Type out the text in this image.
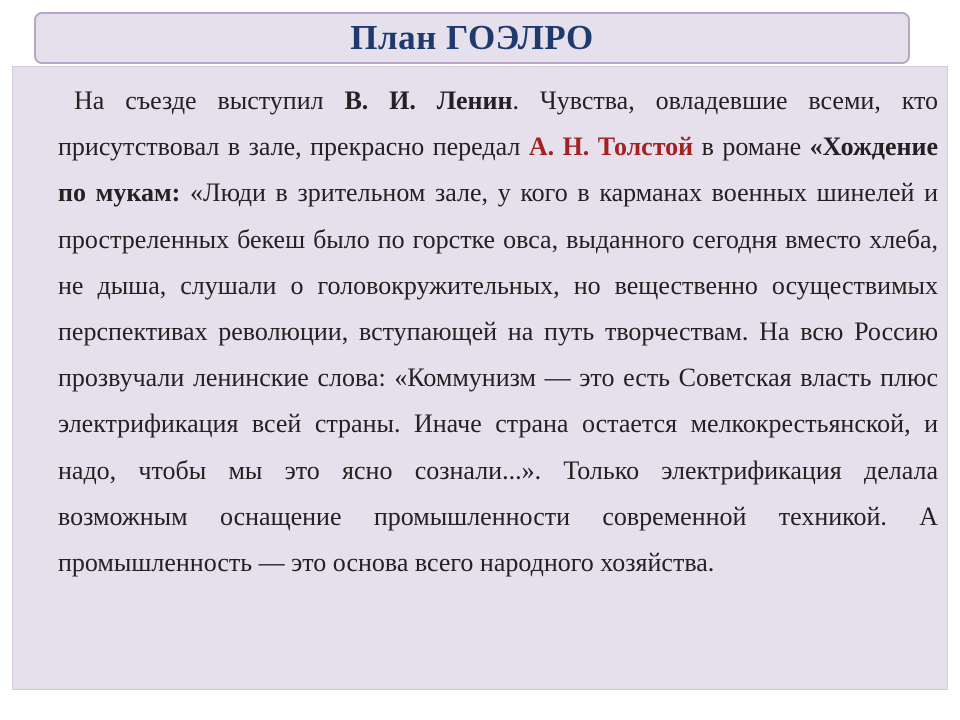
План ГОЭЛРО

На съезде выступил В. И. Ленин. Чувства, овладевшие всеми, кто присутствовал в зале, прекрасно передал А. Н. Толстой в романе «Хождение по мукам: «Люди в зрительном зале, у кого в карманах военных шинелей и простреленных бекеш было по горстке овса, выданного сегодня вместо хлеба, не дыша, слушали о головокружительных, но вещественно осуществимых перспективах революции, вступающей на путь творчествам. На всю Россию прозвучали ленинские слова: «Коммунизм — это есть Советская власть плюс электрификация всей страны. Иначе страна остается мелкокрестьянской, и надо, чтобы мы это ясно сознали...». Только электрификация делала возможным оснащение промышленности современной техникой. А промышленность — это основа всего народного хозяйства.
